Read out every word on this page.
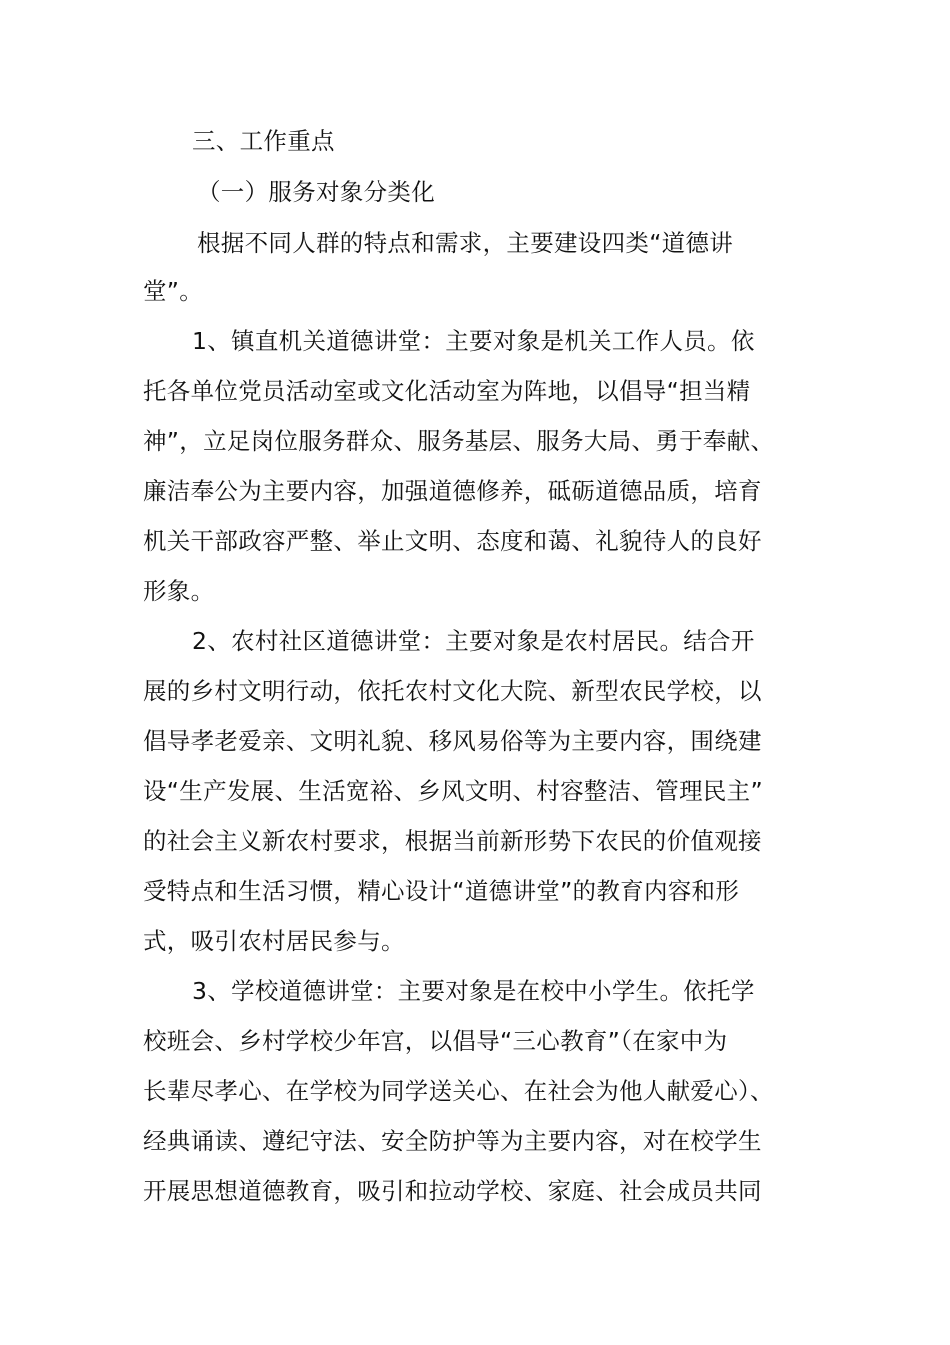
三、工作重点
（一）服务对象分类化
根据不同人群的特点和需求，主要建设四类“道德讲
堂”。
1、镇直机关道德讲堂：主要对象是机关工作人员。依
托各单位党员活动室或文化活动室为阵地，以倡导“担当精
神”，立足岗位服务群众、服务基层、服务大局、勇于奉献、
廉洁奉公为主要内容，加强道德修养，砥砺道德品质，培育
机关干部政容严整、举止文明、态度和蔼、礼貌待人的良好
形象。
2、农村社区道德讲堂：主要对象是农村居民。结合开
展的乡村文明行动，依托农村文化大院、新型农民学校，以
倡导孝老爱亲、文明礼貌、移风易俗等为主要内容，围绕建
设“生产发展、生活宽裕、乡风文明、村容整洁、管理民主”
的社会主义新农村要求，根据当前新形势下农民的价值观接
受特点和生活习惯，精心设计“道德讲堂”的教育内容和形
式，吸引农村居民参与。
3、学校道德讲堂：主要对象是在校中小学生。依托学
校班会、乡村学校少年宫，以倡导“三心教育”（在家中为
长辈尽孝心、在学校为同学送关心、在社会为他人献爱心）、
经典诵读、遵纪守法、安全防护等为主要内容，对在校学生
开展思想道德教育，吸引和拉动学校、家庭、社会成员共同
